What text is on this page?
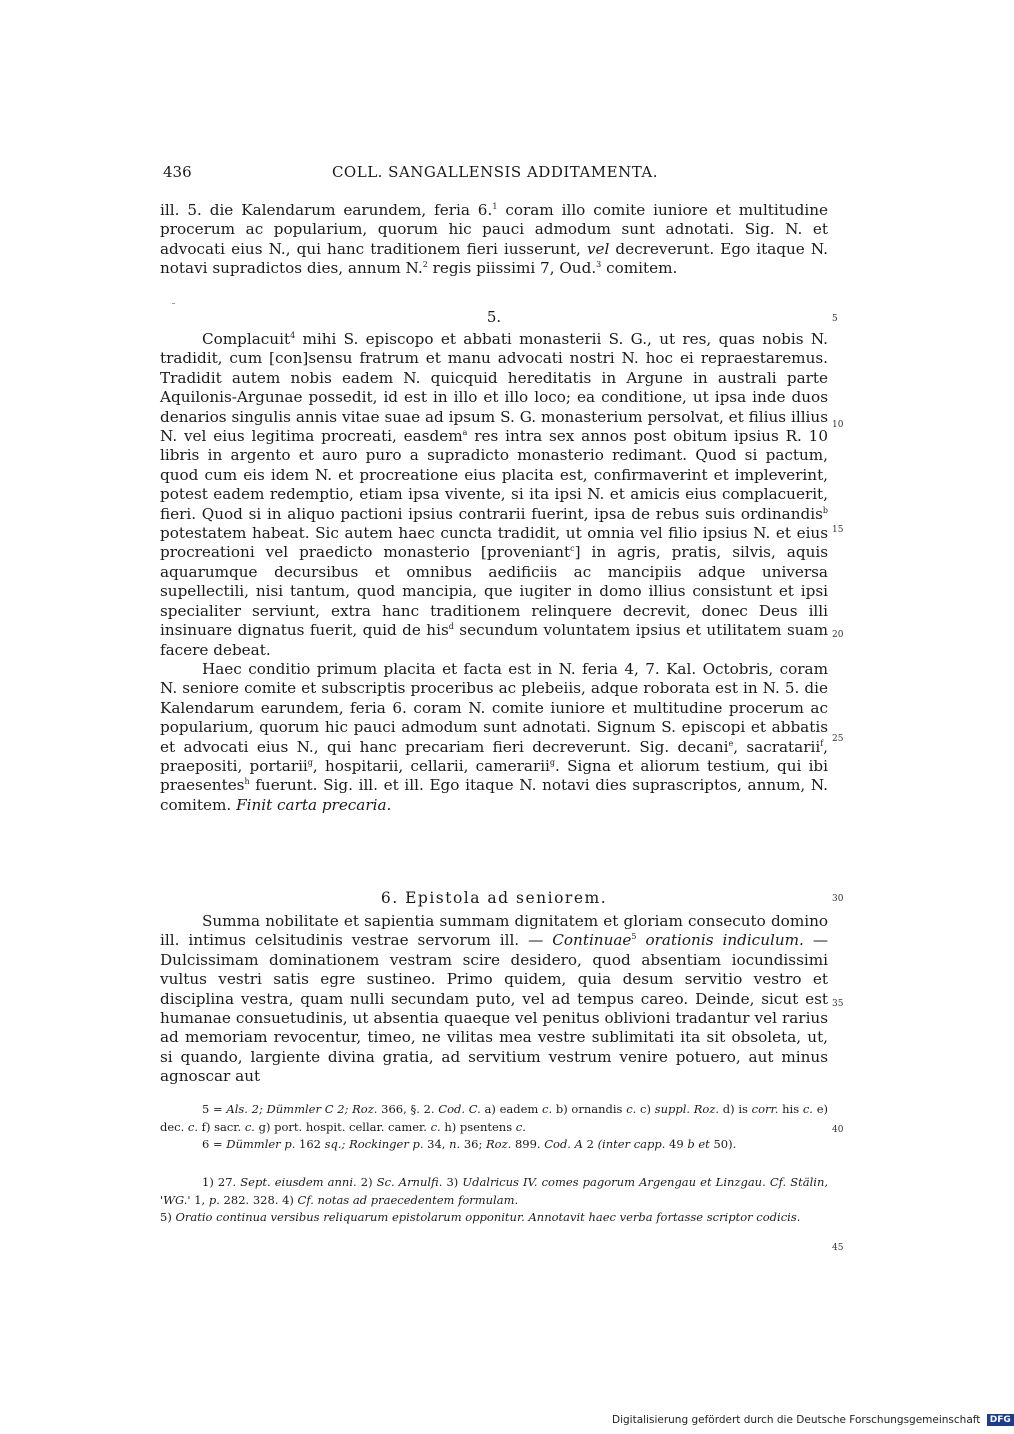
436	COLL. SANGALLENSIS ADDITAMENTA.

ill. 5. die Kalendarum earundem, feria 6.$^1$ coram illo comite iuniore et multitudine procerum ac popularium, quorum hic pauci admodum sunt adnotati. Sig. N. et advocati eius N., qui hanc traditionem fieri iusserunt, vel decreverunt. Ego itaque N. notavi supradictos dies, annum N.$^2$ regis piissimi 7, Oud.$^3$ comitem.

5.

Complacuit$^4$ mihi S. episcopo et abbati monasterii S. G., ut res, quas nobis N. tradidit, cum [con]sensu fratrum et manu advocati nostri N. hoc ei repraestaremus. Tradidit autem nobis eadem N. quicquid hereditatis in Argune in australi parte Aquilonis-Argunae possedit, id est in illo et illo loco; ea conditione, ut ipsa inde duos denarios singulis annis vitae suae ad ipsum S. G. monasterium persolvat, et filius illius N. vel eius legitima procreati, easdem$^a$ res intra sex annos post obitum ipsius R. 10 libris in argento et auro puro a supradicto monasterio redimant. Quod si pactum, quod cum eis idem N. et procreatione eius placita est, confirmaverint et impleverint, potest eadem redemptio, etiam ipsa vivente, si ita ipsi N. et amicis eius complacuerit, fieri. Quod si in aliquo pactioni ipsius contrarii fuerint, ipsa de rebus suis ordinandis$^b$ potestatem habeat. Sic autem haec cuncta tradidit, ut omnia vel filio ipsius N. et eius procreationi vel praedicto monasterio [proveniant$^c$] in agris, pratis, silvis, aquis aquarumque decursibus et omnibus aedificiis ac mancipiis adque universa supellectili, nisi tantum, quod mancipia, que iugiter in domo illius consistunt et ipsi specialiter serviunt, extra hanc traditionem relinquere decrevit, donec Deus illi insinuare dignatus fuerit, quid de his$^d$ secundum voluntatem ipsius et utilitatem suam facere debeat.

Haec conditio primum placita et facta est in N. feria 4, 7. Kal. Octobris, coram N. seniore comite et subscriptis proceribus ac plebeiis, adque roborata est in N. 5. die Kalendarum earundem, feria 6. coram N. comite iuniore et multitudine procerum ac popularium, quorum hic pauci admodum sunt adnotati. Signum S. episcopi et abbatis et advocati eius N., qui hanc precariam fieri decreverunt. Sig. decani$^e$, sacratarii$^f$, praepositi, portarii$^g$, hospitarii, cellarii, camerarii$^g$. Signa et aliorum testium, qui ibi praesentes$^h$ fuerunt. Sig. ill. et ill. Ego itaque N. notavi dies suprascriptos, annum, N. comitem. Finit carta precaria.

6. Epistola ad seniorem.

Summa nobilitate et sapientia summam dignitatem et gloriam consecuto domino ill. intimus celsitudinis vestrae servorum ill. — Continuae$^5$ orationis indiculum. — Dulcissimam dominationem vestram scire desidero, quod absentiam iocundissimi vultus vestri satis egre sustineo. Primo quidem, quia desum servitio vestro et disciplina vestra, quam nulli secundam puto, vel ad tempus careo. Deinde, sicut est humanae consuetudinis, ut absentia quaeque vel penitus oblivioni tradantur vel rarius ad memoriam revocentur, timeo, ne vilitas mea vestre sublimitati ita sit obsoleta, ut, si quando, largiente divina gratia, ad servitium vestrum venire potuero, aut minus agnoscar aut

5
10
15
20
25
30
35
40
45

5 = Als. 2; Dümmler C 2; Roz. 366, §. 2. Cod. C. a) eadem c. b) ornandis c. c) suppl. Roz. d) is corr. his c. e) dec. c. f) sacr. c. g) port. hospit. cellar. camer. c. h) psentens c.

6 = Dümmler p. 162 sq.; Rockinger p. 34, n. 36; Roz. 899. Cod. A 2 (inter capp. 49 b et 50).

1) 27. Sept. eiusdem anni. 2) Sc. Arnulfi. 3) Udalricus IV. comes pagorum Argengau et Linzgau. Cf. Stälin, 'WG.' 1, p. 282. 328. 4) Cf. notas ad praecedentem formulam.

5) Oratio continua versibus reliquarum epistolarum opponitur. Annotavit haec verba fortasse scriptor codicis.

Digitalisierung gefördert durch die Deutsche Forschungsgemeinschaft DFG
